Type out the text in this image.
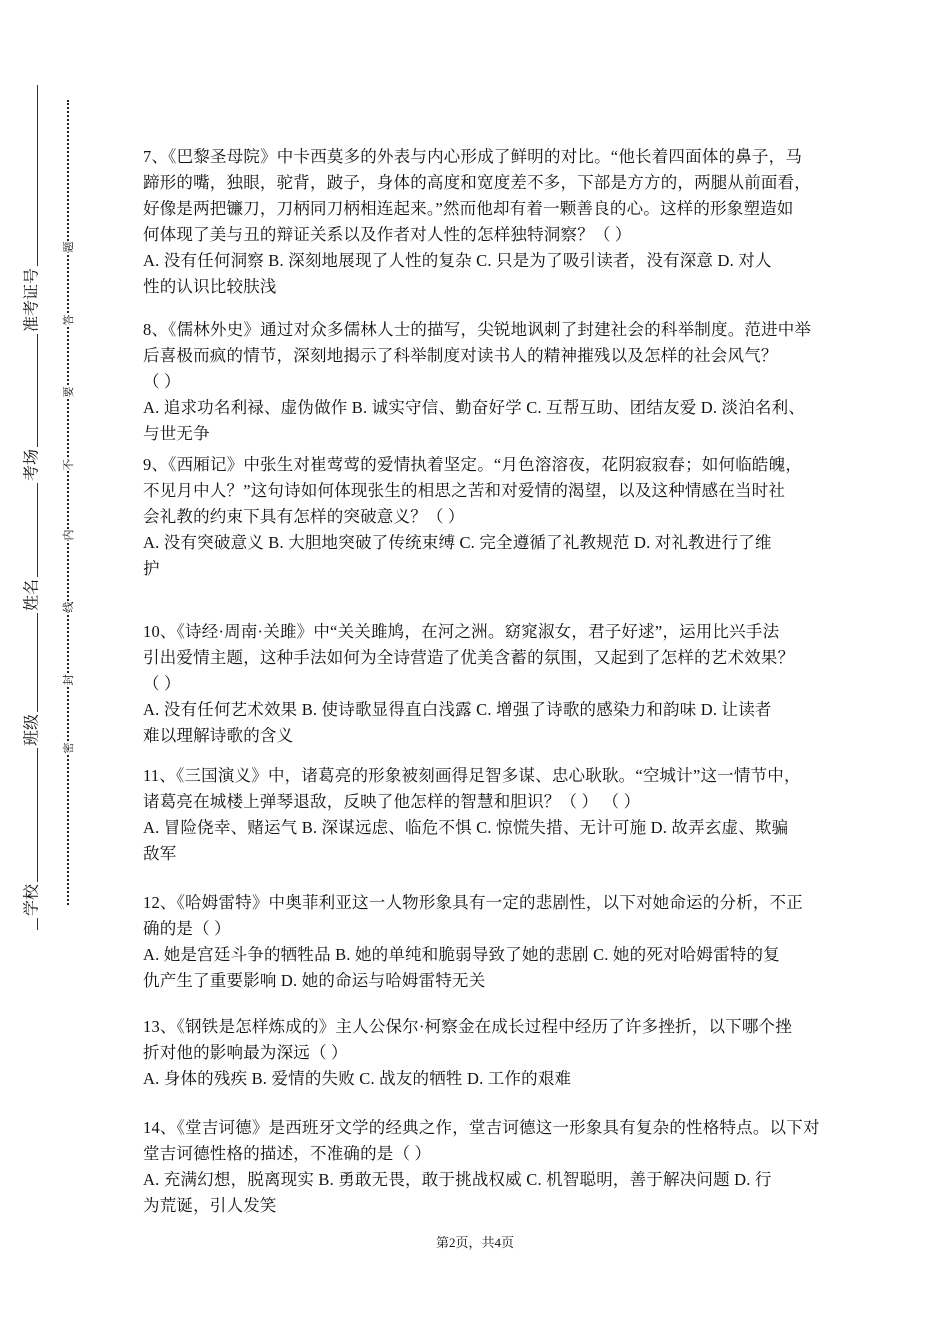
准考证号
考场
姓名
班级
学校
题
答
要
不
内
线
封
密
7、《巴黎圣母院》中卡西莫多的外表与内心形成了鲜明的对比。“他长着四面体的鼻子，马
蹄形的嘴，独眼，驼背，跛子，身体的高度和宽度差不多，下部是方方的，两腿从前面看，
好像是两把镰刀，刀柄同刀柄相连起来。”然而他却有着一颗善良的心。这样的形象塑造如
何体现了美与丑的辩证关系以及作者对人性的怎样独特洞察？（ ）
A. 没有任何洞察 B. 深刻地展现了人性的复杂 C. 只是为了吸引读者，没有深意 D. 对人
性的认识比较肤浅
8、《儒林外史》通过对众多儒林人士的描写，尖锐地讽刺了封建社会的科举制度。范进中举
后喜极而疯的情节，深刻地揭示了科举制度对读书人的精神摧残以及怎样的社会风气？
（ ）
A. 追求功名利禄、虚伪做作 B. 诚实守信、勤奋好学 C. 互帮互助、团结友爱 D. 淡泊名利、
与世无争
9、《西厢记》中张生对崔莺莺的爱情执着坚定。“月色溶溶夜，花阴寂寂春；如何临皓魄，
不见月中人？”这句诗如何体现张生的相思之苦和对爱情的渴望，以及这种情感在当时社
会礼教的约束下具有怎样的突破意义？（ ）
A. 没有突破意义 B. 大胆地突破了传统束缚 C. 完全遵循了礼教规范 D. 对礼教进行了维
护
10、《诗经·周南·关雎》中“关关雎鸠，在河之洲。窈窕淑女，君子好逑”，运用比兴手法
引出爱情主题，这种手法如何为全诗营造了优美含蓄的氛围，又起到了怎样的艺术效果？
（ ）
A. 没有任何艺术效果 B. 使诗歌显得直白浅露 C. 增强了诗歌的感染力和韵味 D. 让读者
难以理解诗歌的含义
11、《三国演义》中，诸葛亮的形象被刻画得足智多谋、忠心耿耿。“空城计”这一情节中，
诸葛亮在城楼上弹琴退敌，反映了他怎样的智慧和胆识？（ ） （ ）
A. 冒险侥幸、赌运气 B. 深谋远虑、临危不惧 C. 惊慌失措、无计可施 D. 故弄玄虚、欺骗
敌军
12、《哈姆雷特》中奥菲利亚这一人物形象具有一定的悲剧性，以下对她命运的分析，不正
确的是（ ）
A. 她是宫廷斗争的牺牲品 B. 她的单纯和脆弱导致了她的悲剧 C. 她的死对哈姆雷特的复
仇产生了重要影响 D. 她的命运与哈姆雷特无关
13、《钢铁是怎样炼成的》主人公保尔·柯察金在成长过程中经历了许多挫折，以下哪个挫
折对他的影响最为深远（ ）
A. 身体的残疾 B. 爱情的失败 C. 战友的牺牲 D. 工作的艰难
14、《堂吉诃德》是西班牙文学的经典之作，堂吉诃德这一形象具有复杂的性格特点。以下对
堂吉诃德性格的描述，不准确的是（ ）
A. 充满幻想，脱离现实 B. 勇敢无畏，敢于挑战权威 C. 机智聪明，善于解决问题 D. 行
为荒诞，引人发笑
第2页，共4页
